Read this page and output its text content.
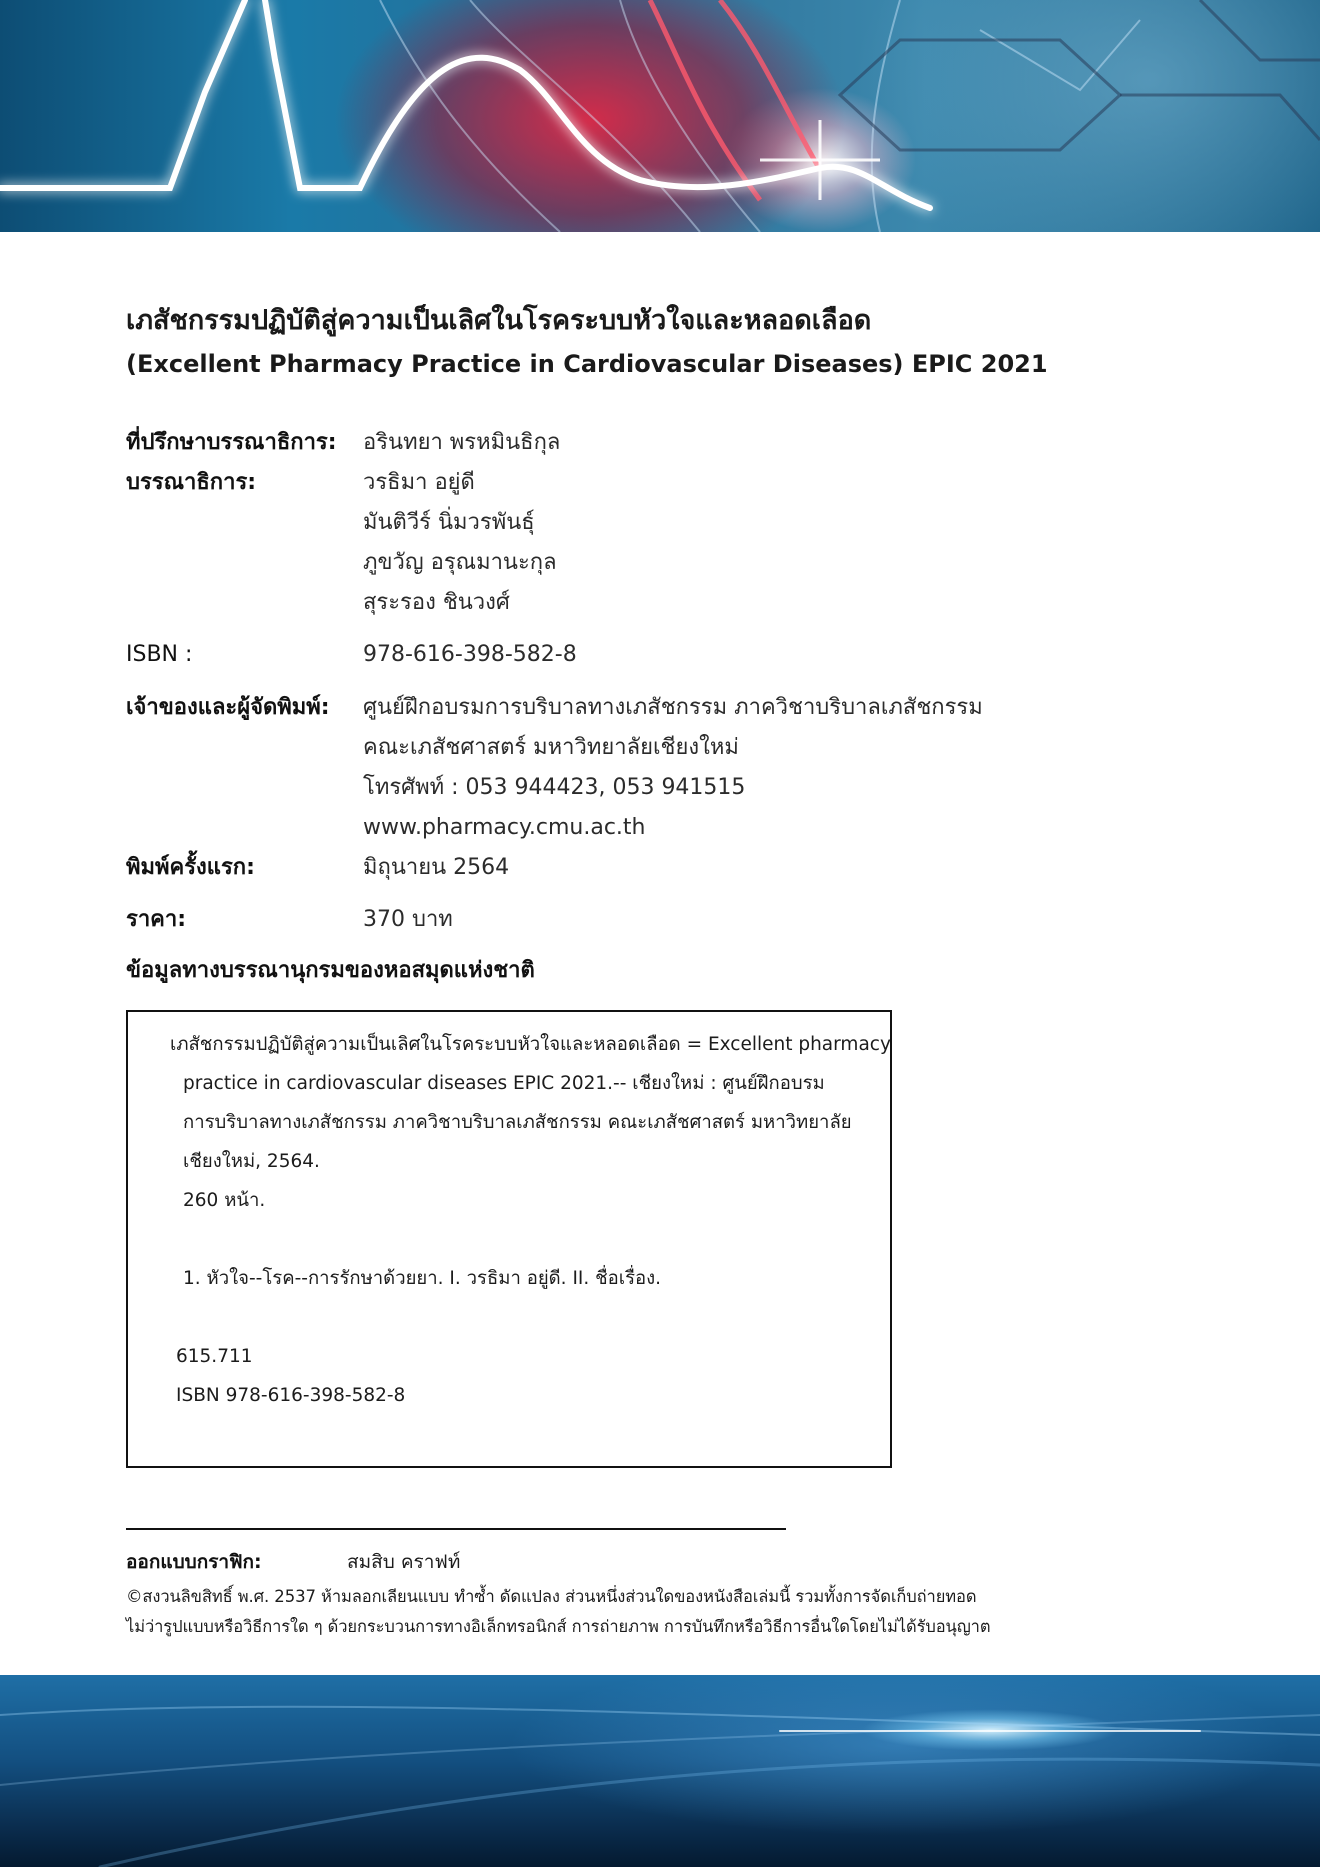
เภสัชกรรมปฏิบัติสู่ความเป็นเลิศในโรคระบบหัวใจและหลอดเลือด
(Excellent Pharmacy Practice in Cardiovascular Diseases) EPIC 2021
ที่ปรึกษาบรรณาธิการ: อรินทยา พรหมินธิกุล
บรรณาธิการ:	วรธิมา อยู่ดี
มันติวีร์ นิ่มวรพันธุ์
ภูขวัญ อรุณมานะกุล
สุระรอง ชินวงศ์
ISBN :	978-616-398-582-8
เจ้าของและผู้จัดพิมพ์: ศูนย์ฝึกอบรมการบริบาลทางเภสัชกรรม ภาควิชาบริบาลเภสัชกรรม
คณะเภสัชศาสตร์ มหาวิทยาลัยเชียงใหม่
โทรศัพท์ : 053 944423, 053 941515
www.pharmacy.cmu.ac.th
พิมพ์ครั้งแรก:	มิถุนายน 2564
ราคา:	370 บาท
ข้อมูลทางบรรณานุกรมของหอสมุดแห่งชาติ
เภสัชกรรมปฏิบัติสู่ความเป็นเลิศในโรคระบบหัวใจและหลอดเลือด = Excellent pharmacy
practice in cardiovascular diseases EPIC 2021.-- เชียงใหม่ : ศูนย์ฝึกอบรม
การบริบาลทางเภสัชกรรม ภาควิชาบริบาลเภสัชกรรม คณะเภสัชศาสตร์ มหาวิทยาลัย
เชียงใหม่, 2564.
260 หน้า.
1. หัวใจ--โรค--การรักษาด้วยยา. I. วรธิมา อยู่ดี. II. ชื่อเรื่อง.
615.711
ISBN 978-616-398-582-8
ออกแบบกราฟิก:	สมสิบ คราฟท์
©สงวนลิขสิทธิ์ พ.ศ. 2537 ห้ามลอกเลียนแบบ ทำซ้ำ ดัดแปลง ส่วนหนึ่งส่วนใดของหนังสือเล่มนี้ รวมทั้งการจัดเก็บถ่ายทอด
ไม่ว่ารูปแบบหรือวิธีการใด ๆ ด้วยกระบวนการทางอิเล็กทรอนิกส์ การถ่ายภาพ การบันทึกหรือวิธีการอื่นใดโดยไม่ได้รับอนุญาต
